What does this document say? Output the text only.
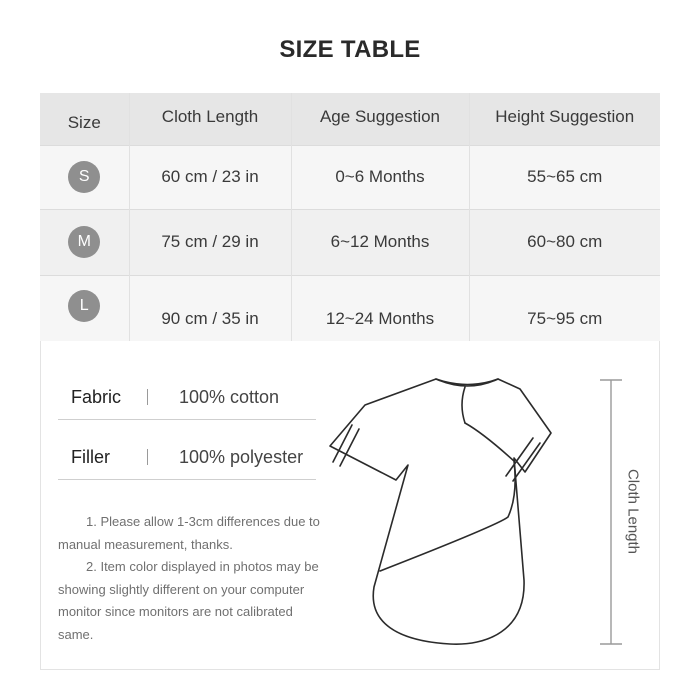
SIZE TABLE
Size	Cloth Length	Age Suggestion	Height Suggestion
S	60 cm / 23 in	0~6 Months	55~65 cm
M	75 cm / 29 in	6~12 Months	60~80 cm
L	90 cm / 35 in	12~24 Months	75~95 cm
Fabric	100% cotton
Filler	100% polyester

1. Please allow 1-3cm differences due to manual measurement, thanks.

2. Item color displayed in photos may be showing slightly different on your computer monitor since monitors are not calibrated same.

Cloth Length
